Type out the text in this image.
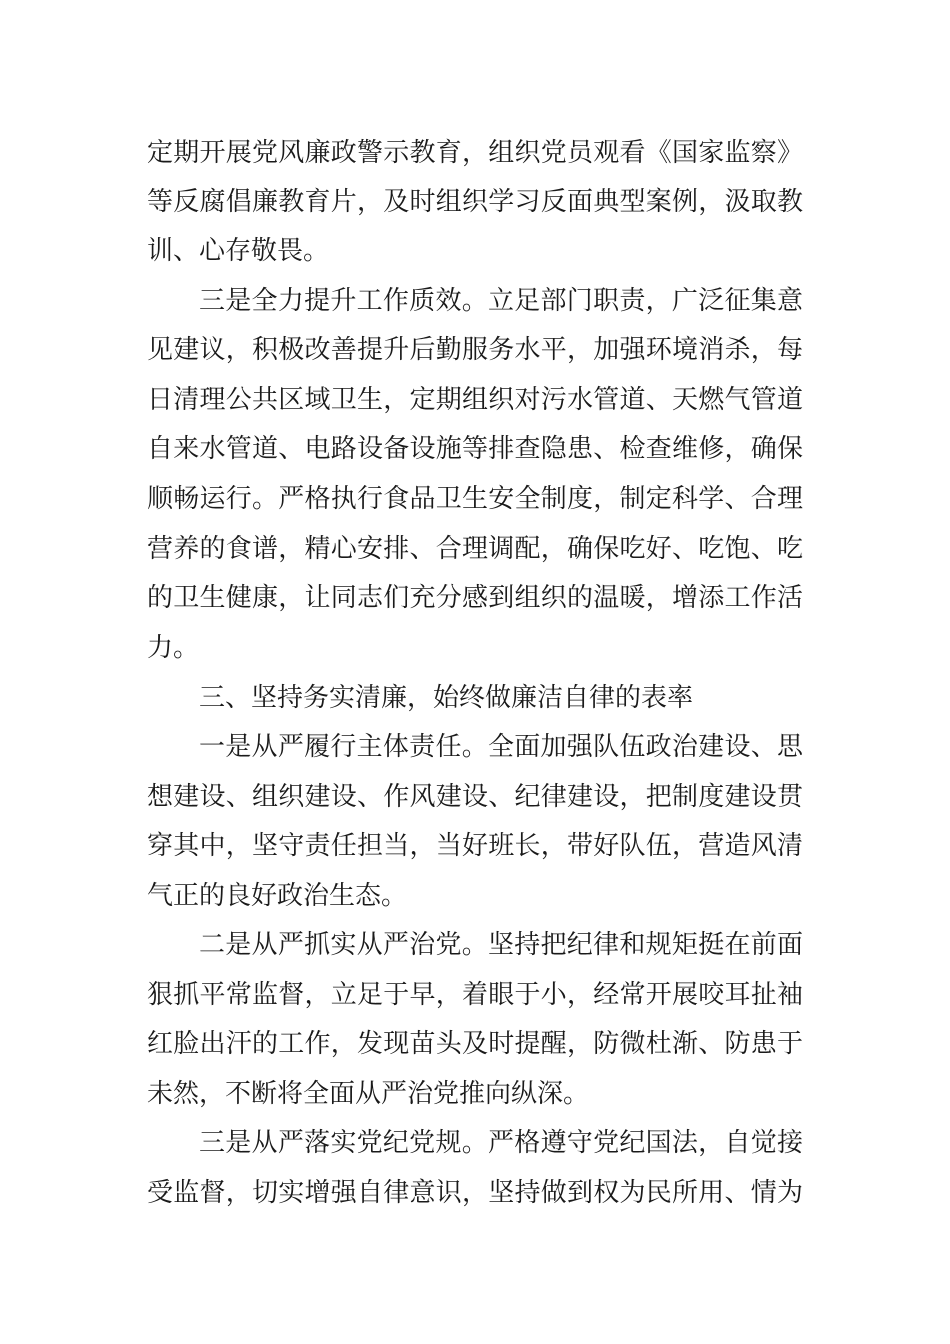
定期开展党风廉政警示教育，组织党员观看《国家监察》
等反腐倡廉教育片，及时组织学习反面典型案例，汲取教
训、心存敬畏。
三是全力提升工作质效。立足部门职责，广泛征集意
见建议，积极改善提升后勤服务水平，加强环境消杀，每
日清理公共区域卫生，定期组织对污水管道、天燃气管道
自来水管道、电路设备设施等排查隐患、检查维修，确保
顺畅运行。严格执行食品卫生安全制度，制定科学、合理
营养的食谱，精心安排、合理调配，确保吃好、吃饱、吃
的卫生健康，让同志们充分感到组织的温暖，增添工作活
力。
三、坚持务实清廉，始终做廉洁自律的表率
一是从严履行主体责任。全面加强队伍政治建设、思
想建设、组织建设、作风建设、纪律建设，把制度建设贯
穿其中，坚守责任担当，当好班长，带好队伍，营造风清
气正的良好政治生态。
二是从严抓实从严治党。坚持把纪律和规矩挺在前面
狠抓平常监督，立足于早，着眼于小，经常开展咬耳扯袖
红脸出汗的工作，发现苗头及时提醒，防微杜渐、防患于
未然，不断将全面从严治党推向纵深。
三是从严落实党纪党规。严格遵守党纪国法，自觉接
受监督，切实增强自律意识，坚持做到权为民所用、情为
